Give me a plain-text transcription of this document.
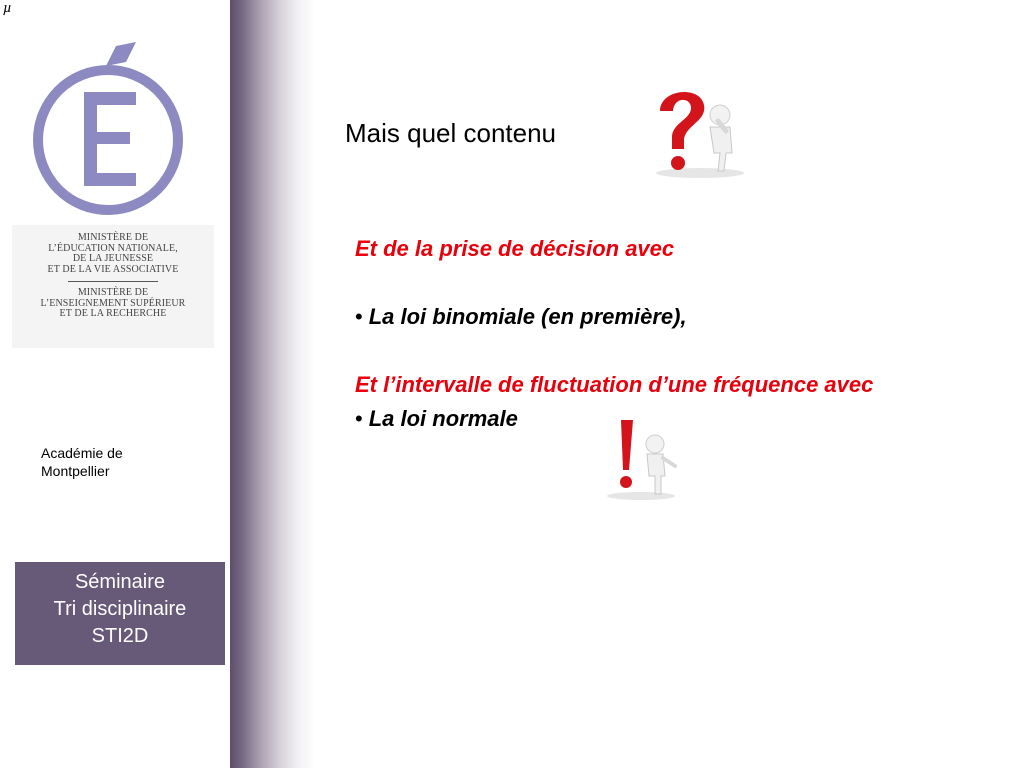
µ
MINISTÈRE DE
L’ÉDUCATION NATIONALE,
DE LA JEUNESSE
ET DE LA VIE ASSOCIATIVE
MINISTÈRE DE
L’ENSEIGNEMENT SUPÉRIEUR
ET DE LA RECHERCHE
Académie de
Montpellier
Séminaire
Tri disciplinaire
STI2D
Mais quel contenu
Et de la prise de décision avec
• La loi binomiale (en première),
Et l’intervalle de fluctuation d’une fréquence avec
• La loi normale
